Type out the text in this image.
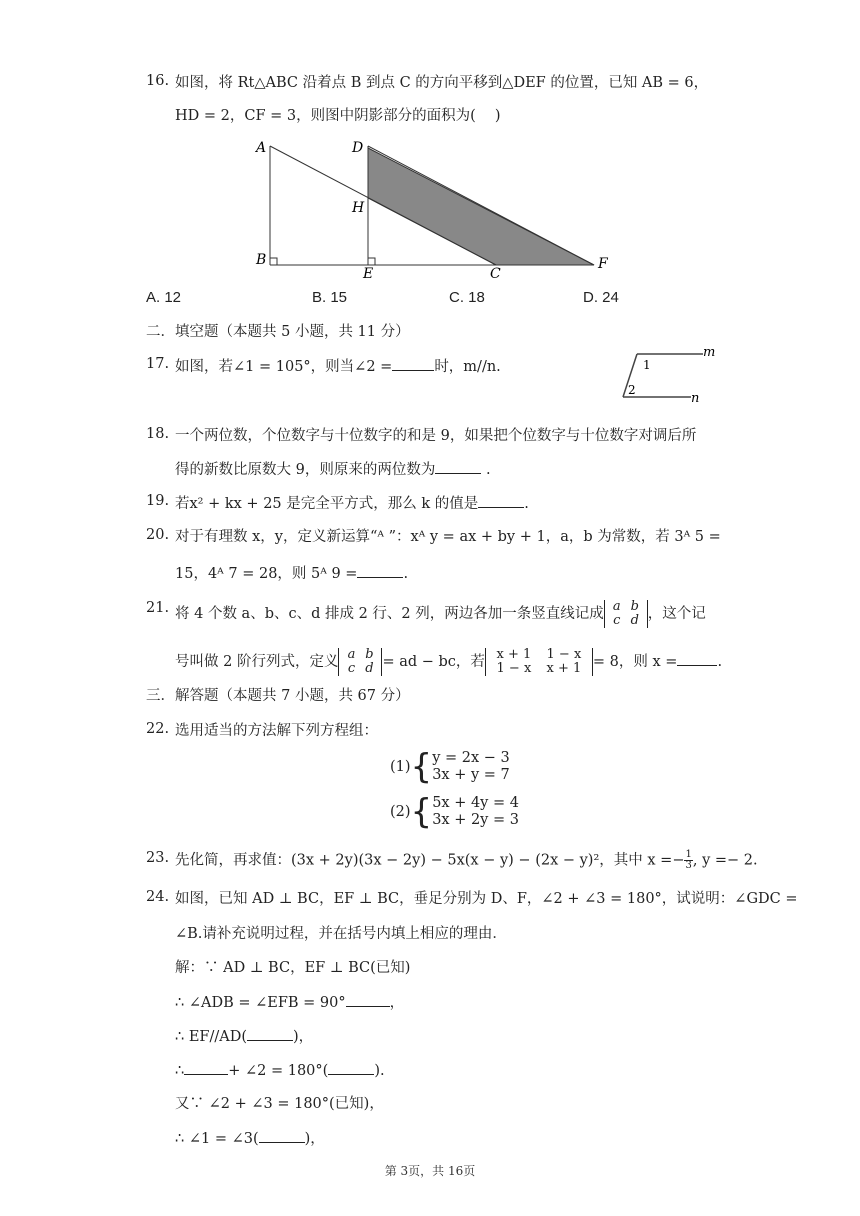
16. 如图，将 Rt△ABC 沿着点 B 到点 C 的方向平移到△DEF 的位置，已知 AB = 6，
HD = 2，CF = 3，则图中阴影部分的面积为(　 )
A
B
C
D
E
F
H
A. 12	B. 15	C. 18	D. 24
二．填空题（本题共 5 小题，共 11 分）
17. 如图，若∠1 = 105°，则当∠2 =	时，m//n.
m
n
1
2
18. 一个两位数，个位数字与十位数字的和是 9，如果把个位数字与十位数字对调后所
得的新数比原数大 9，则原来的两位数为	.
19. 若x² + kx + 25 是完全平方式，那么 k 的值是	.
20. 对于有理数 x，y，定义新运算“ᴬ ”：xᴬ y = ax + by + 1，a，b 为常数，若 3ᴬ 5 =
15，4ᴬ 7 = 28，则 5ᴬ 9 =	.
21. 将 4 个数 a、b、c、d 排成 2 行、2 列，两边各加一条竖直线记成 a b
c d ，这个记
号叫做 2 阶行列式，定义 a b
c d = ad − bc，若 x + 1 1 − x
1 − x x + 1 = 8，则 x =	.
三．解答题（本题共 7 小题，共 67 分）
22. 选用适当的方法解下列方程组：
(1){y = 2x − 3
3x + y = 7
(2){5x + 4y = 4
3x + 2y = 3
23. 先化简，再求值：(3x + 2y)(3x − 2y) − 5x(x − y) − (2x − y)²，其中 $x =- \frac{1}{3}$ , y =− 2.
24. 如图，已知 AD ⊥ BC，EF ⊥ BC，垂足分别为 D、F，∠2 + ∠3 = 180°，试说明：∠GDC =
∠B.请补充说明过程，并在括号内填上相应的理由．
解：∵ AD ⊥ BC，EF ⊥ BC(已知)
∴ ∠ADB = ∠EFB = 90°	，
∴ EF//AD(	)，
∴	+ ∠2 = 180°(	).
又∵ ∠2 + ∠3 = 180°(已知)，
∴ ∠1 = ∠3(	)，
第 3页，共 16页
